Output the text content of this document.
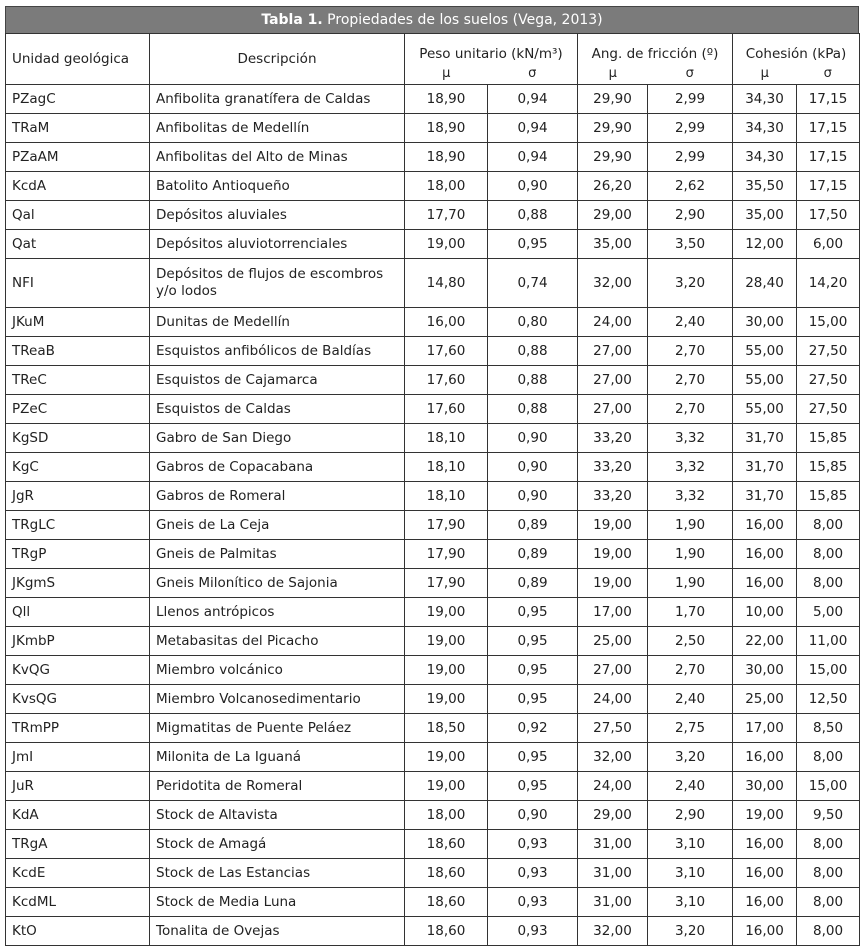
Tabla 1. Propiedades de los suelos (Vega, 2013)
Unidad geológica	Descripción	Peso unitario (kN/m³)		Ang. de fricción (º)		Cohesión (kPa)	
		μ	σ	μ	σ	μ	σ
PZagC	Anfibolita granatífera de Caldas	18,90	0,94	29,90	2,99	34,30	17,15
TRaM	Anfibolitas de Medellín	18,90	0,94	29,90	2,99	34,30	17,15
PZaAM	Anfibolitas del Alto de Minas	18,90	0,94	29,90	2,99	34,30	17,15
KcdA	Batolito Antioqueño	18,00	0,90	26,20	2,62	35,50	17,15
Qal	Depósitos aluviales	17,70	0,88	29,00	2,90	35,00	17,50
Qat	Depósitos aluviotorrenciales	19,00	0,95	35,00	3,50	12,00	6,00
NFI	Depósitos de flujos de escombros y/o lodos	14,80	0,74	32,00	3,20	28,40	14,20
JKuM	Dunitas de Medellín	16,00	0,80	24,00	2,40	30,00	15,00
TReaB	Esquistos anfibólicos de Baldías	17,60	0,88	27,00	2,70	55,00	27,50
TReC	Esquistos de Cajamarca	17,60	0,88	27,00	2,70	55,00	27,50
PZeC	Esquistos de Caldas	17,60	0,88	27,00	2,70	55,00	27,50
KgSD	Gabro de San Diego	18,10	0,90	33,20	3,32	31,70	15,85
KgC	Gabros de Copacabana	18,10	0,90	33,20	3,32	31,70	15,85
JgR	Gabros de Romeral	18,10	0,90	33,20	3,32	31,70	15,85
TRgLC	Gneis de La Ceja	17,90	0,89	19,00	1,90	16,00	8,00
TRgP	Gneis de Palmitas	17,90	0,89	19,00	1,90	16,00	8,00
JKgmS	Gneis Milonítico de Sajonia	17,90	0,89	19,00	1,90	16,00	8,00
Qll	Llenos antrópicos	19,00	0,95	17,00	1,70	10,00	5,00
JKmbP	Metabasitas del Picacho	19,00	0,95	25,00	2,50	22,00	11,00
KvQG	Miembro volcánico	19,00	0,95	27,00	2,70	30,00	15,00
KvsQG	Miembro Volcanosedimentario	19,00	0,95	24,00	2,40	25,00	12,50
TRmPP	Migmatitas de Puente Peláez	18,50	0,92	27,50	2,75	17,00	8,50
JmI	Milonita de La Iguaná	19,00	0,95	32,00	3,20	16,00	8,00
JuR	Peridotita de Romeral	19,00	0,95	24,00	2,40	30,00	15,00
KdA	Stock de Altavista	18,00	0,90	29,00	2,90	19,00	9,50
TRgA	Stock de Amagá	18,60	0,93	31,00	3,10	16,00	8,00
KcdE	Stock de Las Estancias	18,60	0,93	31,00	3,10	16,00	8,00
KcdML	Stock de Media Luna	18,60	0,93	31,00	3,10	16,00	8,00
KtO	Tonalita de Ovejas	18,60	0,93	32,00	3,20	16,00	8,00
